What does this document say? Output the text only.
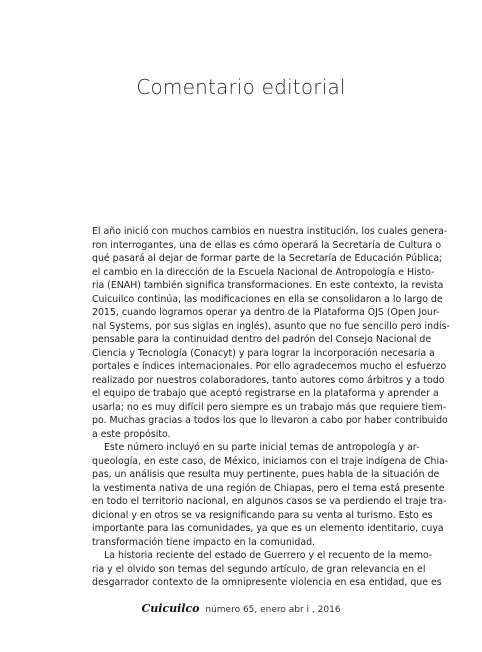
Comentario editorial
El año inició con muchos cambios en nuestra institución, los cuales genera-
ron interrogantes, una de ellas es cómo operará la Secretaría de Cultura o
qué pasará al dejar de formar parte de la Secretaría de Educación Pública;
el cambio en la dirección de la Escuela Nacional de Antropología e Histo-
ria (ENAH) también significa transformaciones. En este contexto, la revista
Cuicuilco continúa, las modificaciones en ella se consolidaron a lo largo de
2015, cuando logramos operar ya dentro de la Plataforma OJS (Open Jour-
nal Systems, por sus siglas en inglés), asunto que no fue sencillo pero indis-
pensable para la continuidad dentro del padrón del Consejo Nacional de
Ciencia y Tecnología (Conacyt) y para lograr la incorporación necesaria a
portales e índices internacionales. Por ello agradecemos mucho el esfuerzo
realizado por nuestros colaboradores, tanto autores como árbitros y a todo
el equipo de trabajo que aceptó registrarse en la plataforma y aprender a
usarla; no es muy difícil pero siempre es un trabajo más que requiere tiem-
po. Muchas gracias a todos los que lo llevaron a cabo por haber contribuido
a este propósito.
Este número incluyó en su parte inicial temas de antropología y ar-
queología, en este caso, de México, iniciamos con el traje indígena de Chia-
pas, un análisis que resulta muy pertinente, pues habla de la situación de
la vestimenta nativa de una región de Chiapas, pero el tema está presente
en todo el territorio nacional, en algunos casos se va perdiendo el traje tra-
dicional y en otros se va resignificando para su venta al turismo. Esto es
importante para las comunidades, ya que es un elemento identitario, cuya
transformación tiene impacto en la comunidad.
La historia reciente del estado de Guerrero y el recuento de la memo-
ria y el olvido son temas del segundo artículo, de gran relevancia en el
desgarrador contexto de la omnipresente violencia en esa entidad, que es
Cuicuilco número 65, enero abr i , 2016
